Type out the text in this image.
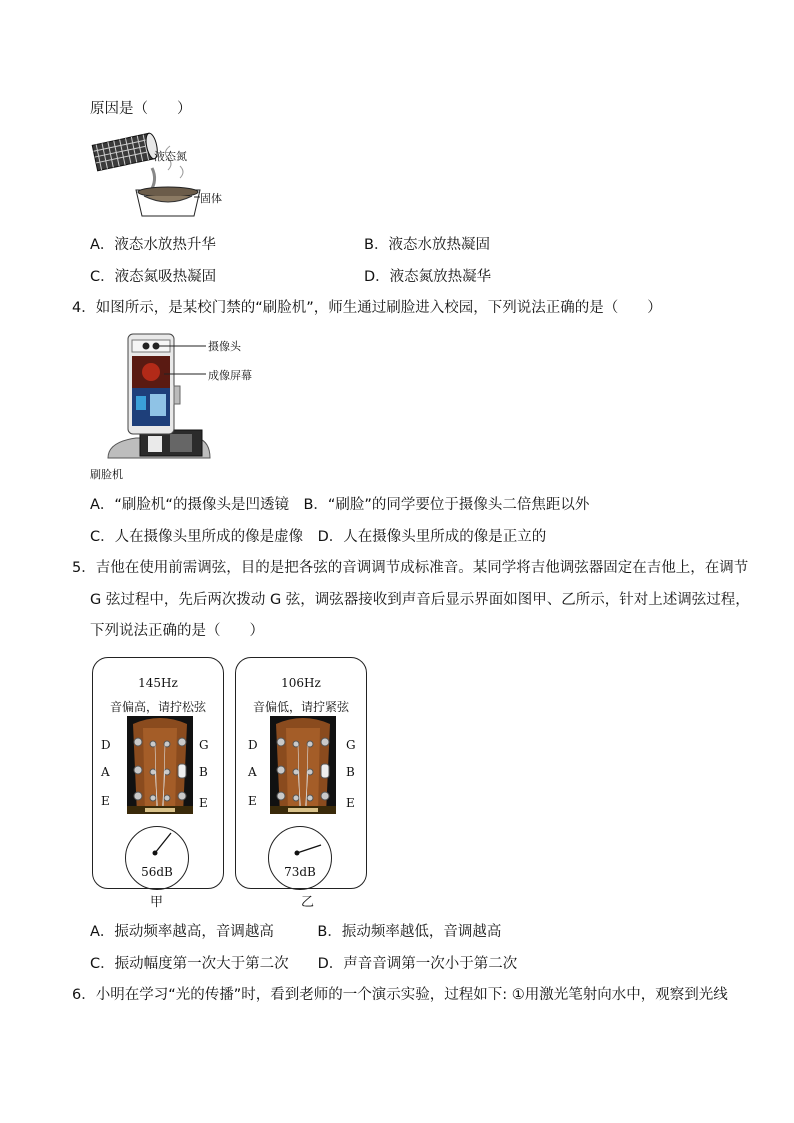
原因是（　　）
液态氮
固体
A．液态水放热升华	B．液态水放热凝固
C．液态氮吸热凝固	D．液态氮放热凝华
4．如图所示，是某校门禁的“刷脸机”，师生通过刷脸进入校园，下列说法正确的是（　　）
摄像头
成像屏幕
刷脸机
A．“刷脸机“的摄像头是凹透镜　B．“刷脸”的同学要位于摄像头二倍焦距以外
C．人在摄像头里所成的像是虚像　D．人在摄像头里所成的像是正立的
5．吉他在使用前需调弦，目的是把各弦的音调调节成标准音。某同学将吉他调弦器固定在吉他上，在调节
G 弦过程中，先后两次拨动 G 弦，调弦器接收到声音后显示界面如图甲、乙所示，针对上述调弦过程，
下列说法正确的是（　　）
145Hz
音偏高，请拧松弦
D
A
E
G
B
E
56dB
甲
106Hz
音偏低，请拧紧弦
D
A
E
G
B
E
73dB
乙
A．振动频率越高，音调越高　　　B．振动频率越低，音调越高
C．振动幅度第一次大于第二次　　D．声音音调第一次小于第二次
6．小明在学习“光的传播”时，看到老师的一个演示实验，过程如下: ①用激光笔射向水中，观察到光线
